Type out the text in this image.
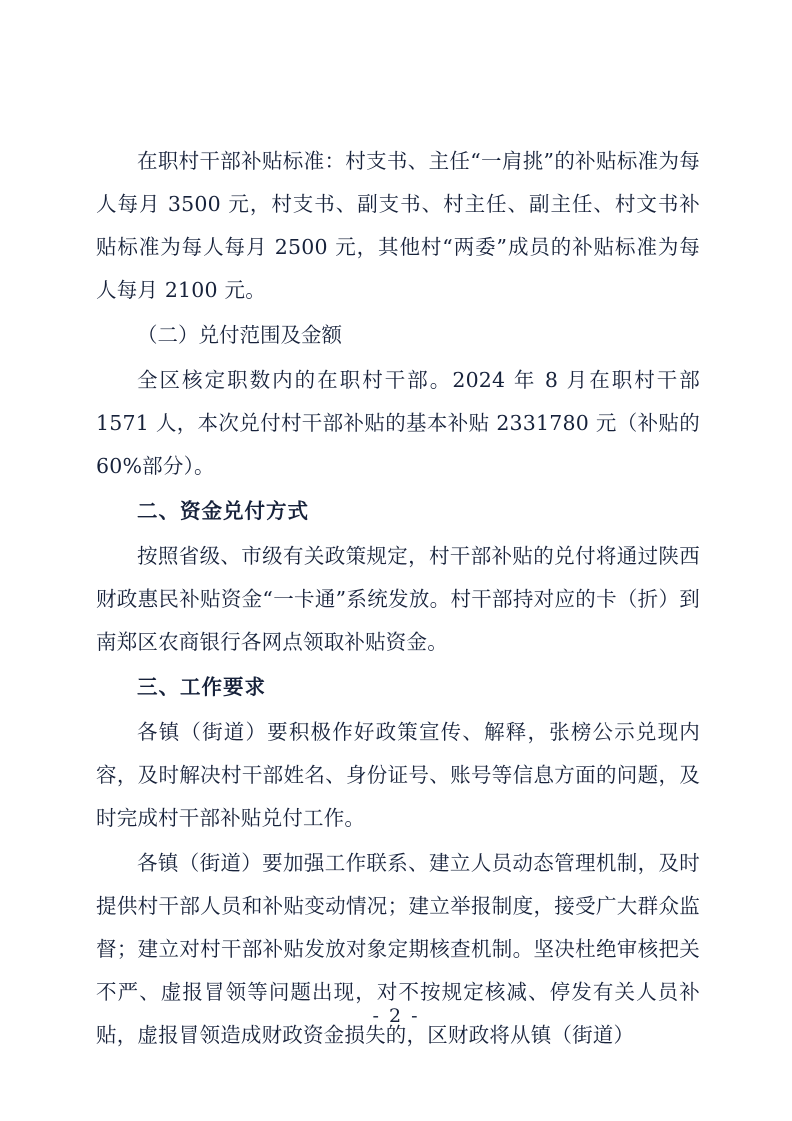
在职村干部补贴标准：村支书、主任“一肩挑”的补贴标准为每人每月 3500 元，村支书、副支书、村主任、副主任、村文书补贴标准为每人每月 2500 元，其他村“两委”成员的补贴标准为每人每月 2100 元。

（二）兑付范围及金额

全区核定职数内的在职村干部。2024 年 8 月在职村干部 1571 人，本次兑付村干部补贴的基本补贴 2331780 元（补贴的 60%部分）。

二、资金兑付方式

按照省级、市级有关政策规定，村干部补贴的兑付将通过陕西财政惠民补贴资金“一卡通”系统发放。村干部持对应的卡（折）到南郑区农商银行各网点领取补贴资金。

三、工作要求

各镇（街道）要积极作好政策宣传、解释，张榜公示兑现内容，及时解决村干部姓名、身份证号、账号等信息方面的问题，及时完成村干部补贴兑付工作。

各镇（街道）要加强工作联系、建立人员动态管理机制，及时提供村干部人员和补贴变动情况；建立举报制度，接受广大群众监督；建立对村干部补贴发放对象定期核查机制。坚决杜绝审核把关不严、虚报冒领等问题出现，对不按规定核减、停发有关人员补贴，虚报冒领造成财政资金损失的，区财政将从镇（街道）

- 2 -
